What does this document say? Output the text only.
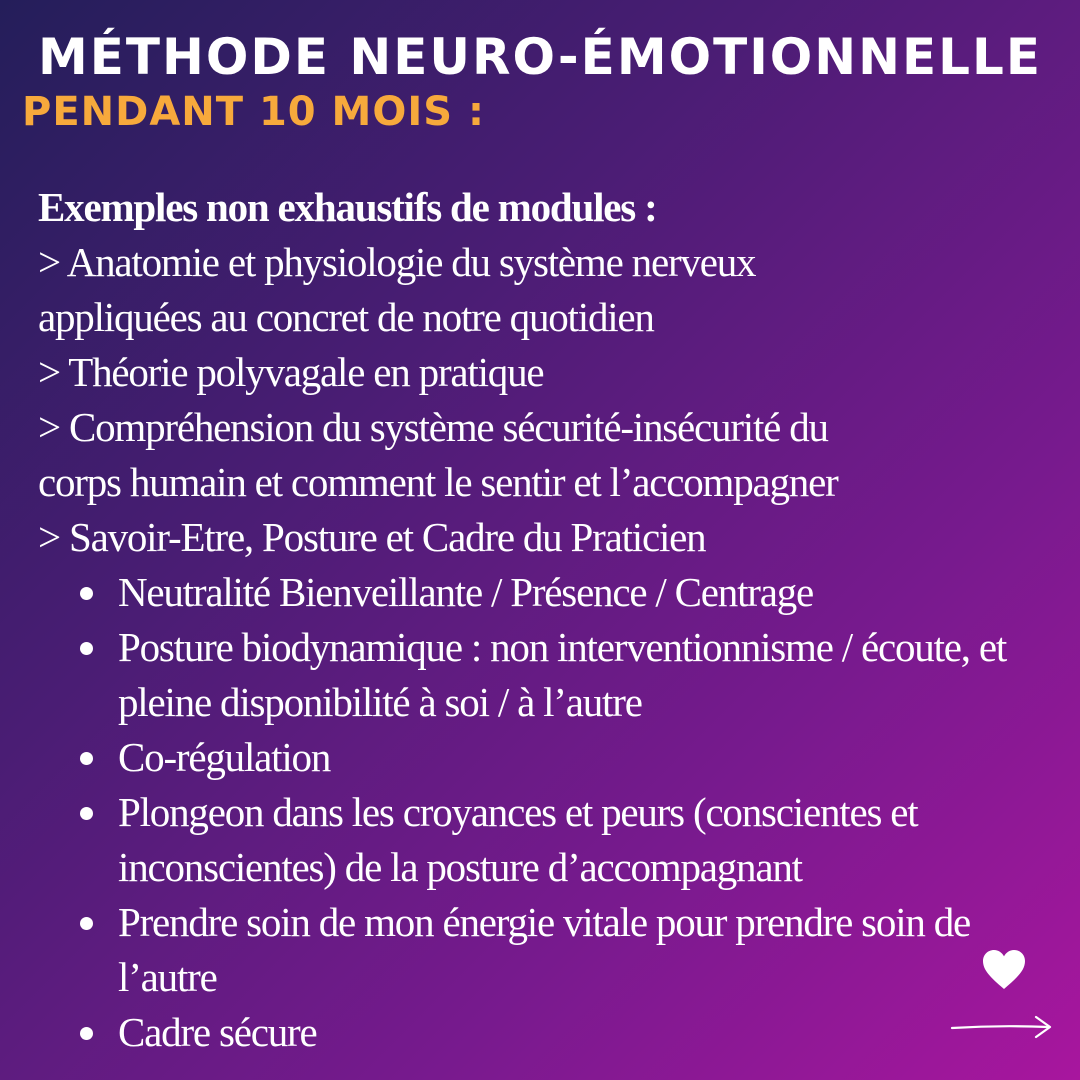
MÉTHODE NEURO-ÉMOTIONNELLE
PENDANT 10 MOIS :

Exemples non exhaustifs de modules :

> Anatomie et physiologie du système nerveux

appliquées au concret de notre quotidien

> Théorie polyvagale en pratique

> Compréhension du système sécurité-insécurité du

corps humain et comment le sentir et l’accompagner

> Savoir-Etre, Posture et Cadre du Praticien

Neutralité Bienveillante / Présence / Centrage
Posture biodynamique : non interventionnisme / écoute, et pleine disponibilité à soi / à l’autre
Co-régulation
Plongeon dans les croyances et peurs (conscientes et inconscientes) de la posture d’accompagnant
Prendre soin de mon énergie vitale pour prendre soin de l’autre
Cadre sécure
